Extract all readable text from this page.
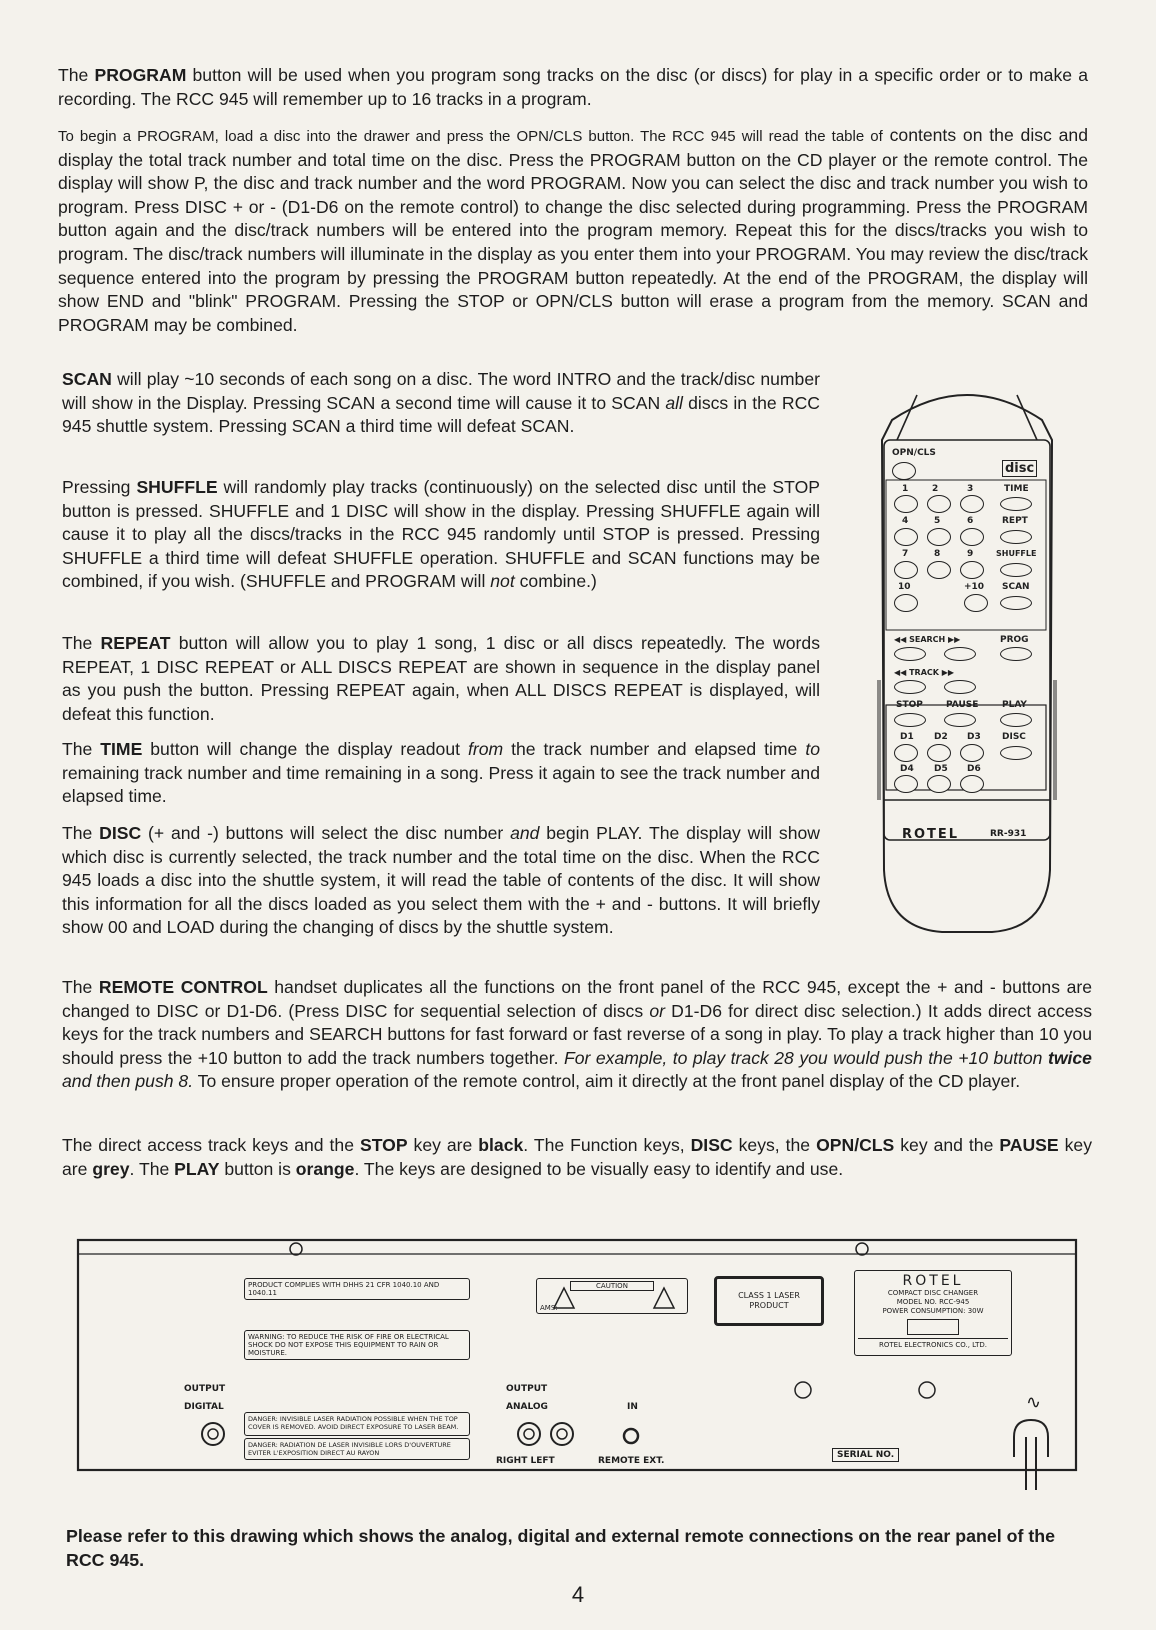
The PROGRAM button will be used when you program song tracks on the disc (or discs) for play in a specific order or to make a recording. The RCC 945 will remember up to 16 tracks in a program.

To begin a PROGRAM, load a disc into the drawer and press the OPN/CLS button. The RCC 945 will read the table of contents on the disc and display the total track number and total time on the disc. Press the PROGRAM button on the CD player or the remote control. The display will show P, the disc and track number and the word PROGRAM. Now you can select the disc and track number you wish to program. Press DISC + or - (D1-D6 on the remote control) to change the disc selected during programming. Press the PROGRAM button again and the disc/track numbers will be entered into the program memory. Repeat this for the discs/tracks you wish to program. The disc/track numbers will illuminate in the display as you enter them into your PROGRAM. You may review the disc/track sequence entered into the program by pressing the PROGRAM button repeatedly. At the end of the PROGRAM, the display will show END and "blink" PROGRAM. Pressing the STOP or OPN/CLS button will erase a program from the memory. SCAN and PROGRAM may be combined.

SCAN will play ~10 seconds of each song on a disc. The word INTRO and the track/disc number will show in the Display. Pressing SCAN a second time will cause it to SCAN all discs in the RCC 945 shuttle system. Pressing SCAN a third time will defeat SCAN.

Pressing SHUFFLE will randomly play tracks (continuously) on the selected disc until the STOP button is pressed. SHUFFLE and 1 DISC will show in the display. Pressing SHUFFLE again will cause it to play all the discs/tracks in the RCC 945 randomly until STOP is pressed. Pressing SHUFFLE a third time will defeat SHUFFLE operation. SHUFFLE and SCAN functions may be combined, if you wish. (SHUFFLE and PROGRAM will not combine.)

The REPEAT button will allow you to play 1 song, 1 disc or all discs repeatedly. The words REPEAT, 1 DISC REPEAT or ALL DISCS REPEAT are shown in sequence in the display panel as you push the button. Pressing REPEAT again, when ALL DISCS REPEAT is displayed, will defeat this function.

The TIME button will change the display readout from the track number and elapsed time to remaining track number and time remaining in a song. Press it again to see the track number and elapsed time.

The DISC (+ and -) buttons will select the disc number and begin PLAY. The display will show which disc is currently selected, the track number and the total time on the disc. When the RCC 945 loads a disc into the shuttle system, it will read the table of contents of the disc. It will show this information for all the discs loaded as you select them with the + and - buttons. It will briefly show 00 and LOAD during the changing of discs by the shuttle system.

The REMOTE CONTROL handset duplicates all the functions on the front panel of the RCC 945, except the + and - buttons are changed to DISC or D1-D6. (Press DISC for sequential selection of discs or D1-D6 for direct disc selection.) It adds direct access keys for the track numbers and SEARCH buttons for fast forward or fast reverse of a song in play. To play a track higher than 10 you should press the +10 button to add the track numbers together. For example, to play track 28 you would push the +10 button twice and then push 8. To ensure proper operation of the remote control, aim it directly at the front panel display of the CD player.

The direct access track keys and the STOP key are black. The Function keys, DISC keys, the OPN/CLS key and the PAUSE key are grey. The PLAY button is orange. The keys are designed to be visually easy to identify and use.

OPN/CLS
disc
1	2	3	TIME
4	5	6	REPT
7	8	9	SHUFFLE
10	+10 SCAN
◀◀ SEARCH ▶▶	PROG
◀◀ TRACK ▶▶
STOP	PAUSE	PLAY
D1 D2 D3 DISC
D4 D5 D6
ROTEL	RR-931
PRODUCT COMPLIES WITH DHHS 21 CFR 1040.10 AND 1040.11
WARNING: TO REDUCE THE RISK OF FIRE OR ELECTRICAL SHOCK DO NOT EXPOSE THIS EQUIPMENT TO RAIN OR MOISTURE.
DANGER: INVISIBLE LASER RADIATION POSSIBLE WHEN THE TOP COVER IS REMOVED. AVOID DIRECT EXPOSURE TO LASER BEAM.
DANGER: RADIATION DE LASER INVISIBLE LORS D'OUVERTURE EVITER L'EXPOSITION DIRECT AU RAYON
CAUTION
AMS:
CLASS 1 LASER PRODUCT
ROTEL
COMPACT DISC CHANGER
MODEL NO. RCC-945
POWER CONSUMPTION: 30W
ROTEL ELECTRONICS CO., LTD.
OUTPUT
DIGITAL
OUTPUT
ANALOG
RIGHT LEFT
IN
REMOTE EXT.
SERIAL NO.
∿

Please refer to this drawing which shows the analog, digital and external remote connections on the rear panel of the RCC 945.

4
